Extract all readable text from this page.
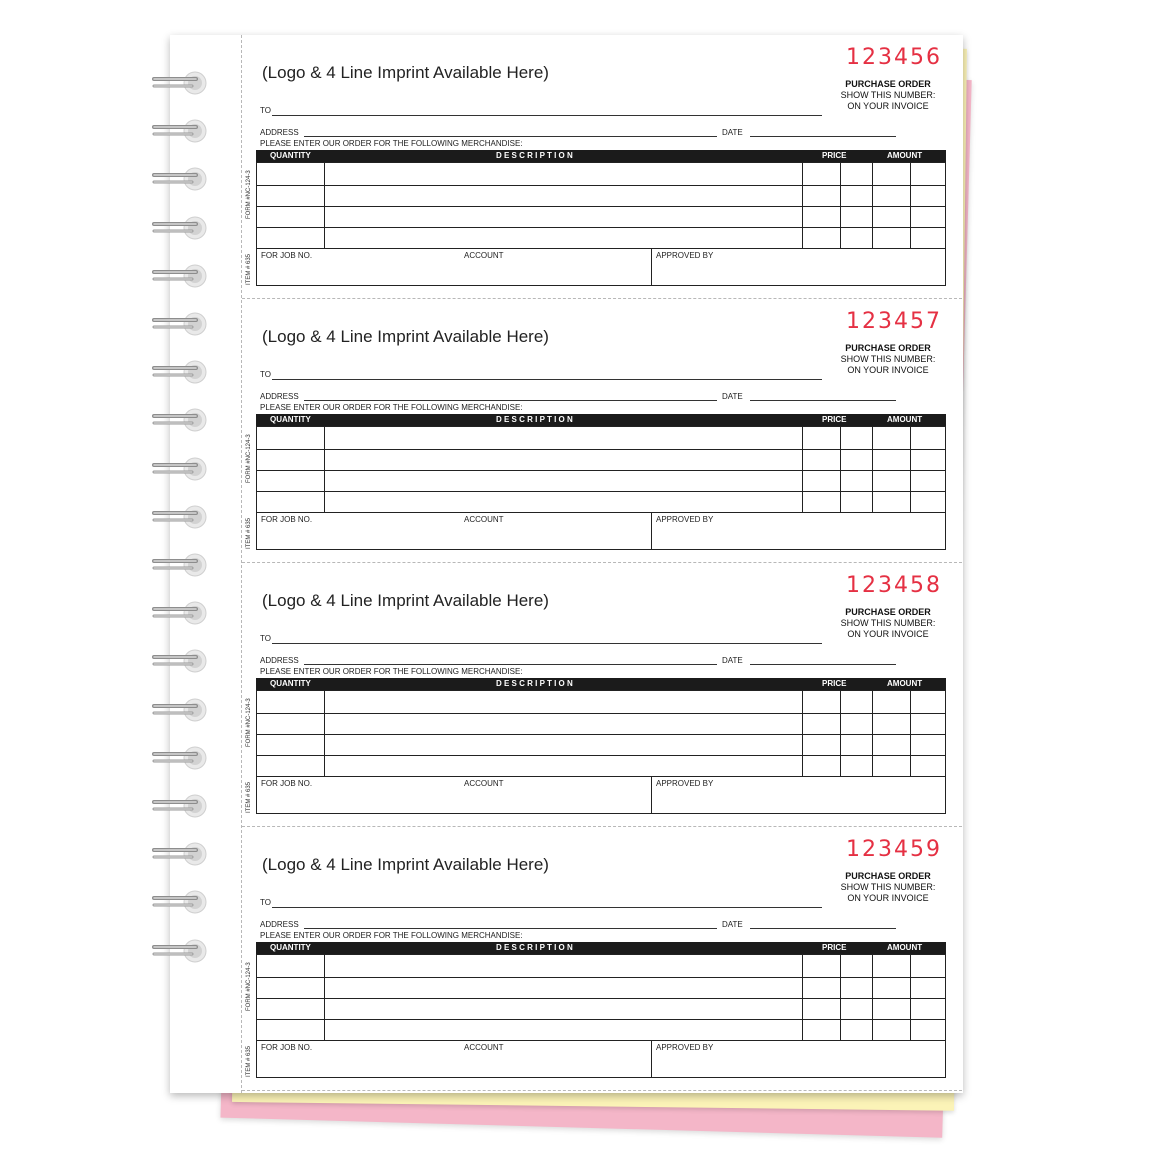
(Logo & 4 Line Imprint Available Here)
123456
PURCHASE ORDER
SHOW THIS NUMBER:
ON YOUR INVOICE
TO
ADDRESS	DATE
PLEASE ENTER OUR ORDER FOR THE FOLLOWING MERCHANDISE:
QUANTITY	D E S C R I P T I O N	PRICE	AMOUNT
FOR JOB NO.	ACCOUNT	APPROVED BY
FORM #NC-124-3
ITEM # 635
(Logo & 4 Line Imprint Available Here)
123457
PURCHASE ORDER
SHOW THIS NUMBER:
ON YOUR INVOICE
TO
ADDRESS	DATE
PLEASE ENTER OUR ORDER FOR THE FOLLOWING MERCHANDISE:
QUANTITY	D E S C R I P T I O N	PRICE	AMOUNT
FOR JOB NO.	ACCOUNT	APPROVED BY
FORM #NC-124-3
ITEM # 635
(Logo & 4 Line Imprint Available Here)
123458
PURCHASE ORDER
SHOW THIS NUMBER:
ON YOUR INVOICE
TO
ADDRESS	DATE
PLEASE ENTER OUR ORDER FOR THE FOLLOWING MERCHANDISE:
QUANTITY	D E S C R I P T I O N	PRICE	AMOUNT
FOR JOB NO.	ACCOUNT	APPROVED BY
FORM #NC-124-3
ITEM # 635
(Logo & 4 Line Imprint Available Here)
123459
PURCHASE ORDER
SHOW THIS NUMBER:
ON YOUR INVOICE
TO
ADDRESS	DATE
PLEASE ENTER OUR ORDER FOR THE FOLLOWING MERCHANDISE:
QUANTITY	D E S C R I P T I O N	PRICE	AMOUNT
FOR JOB NO.	ACCOUNT	APPROVED BY
FORM #NC-124-3
ITEM # 635
